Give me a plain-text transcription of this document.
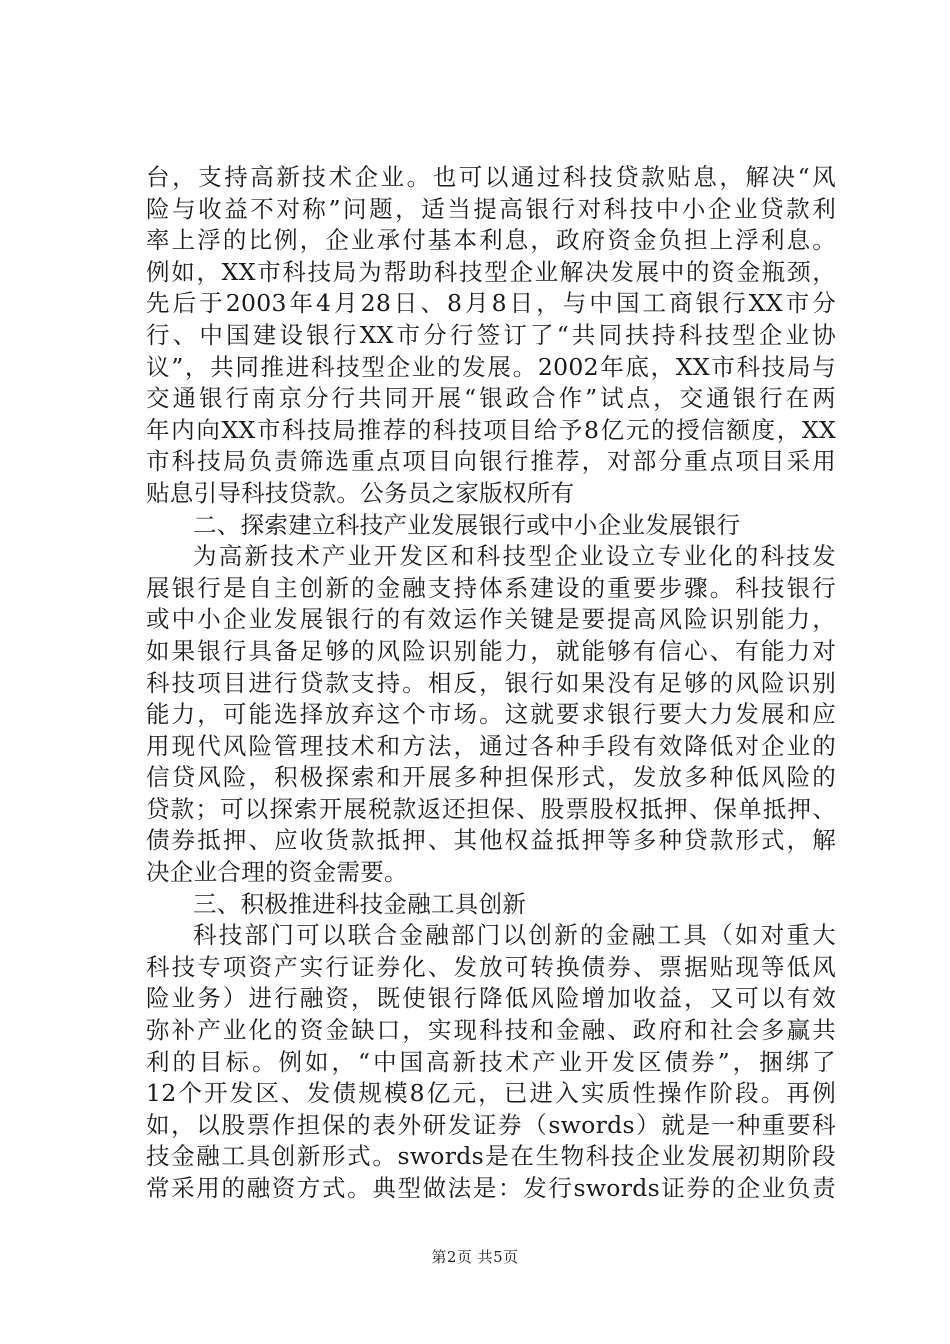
台，支持高新技术企业。也可以通过科技贷款贴息，解决“风
险与收益不对称”问题，适当提高银行对科技中小企业贷款利
率上浮的比例，企业承付基本利息，政府资金负担上浮利息。
例如，XX市科技局为帮助科技型企业解决发展中的资金瓶颈，
先后于2003年4月28日、8月8日，与中国工商银行XX市分
行、中国建设银行XX市分行签订了“共同扶持科技型企业协
议”，共同推进科技型企业的发展。2002年底，XX市科技局与
交通银行南京分行共同开展“银政合作”试点，交通银行在两
年内向XX市科技局推荐的科技项目给予8亿元的授信额度，XX
市科技局负责筛选重点项目向银行推荐，对部分重点项目采用
贴息引导科技贷款。公务员之家版权所有
二、探索建立科技产业发展银行或中小企业发展银行
为高新技术产业开发区和科技型企业设立专业化的科技发
展银行是自主创新的金融支持体系建设的重要步骤。科技银行
或中小企业发展银行的有效运作关键是要提高风险识别能力，
如果银行具备足够的风险识别能力，就能够有信心、有能力对
科技项目进行贷款支持。相反，银行如果没有足够的风险识别
能力，可能选择放弃这个市场。这就要求银行要大力发展和应
用现代风险管理技术和方法，通过各种手段有效降低对企业的
信贷风险，积极探索和开展多种担保形式，发放多种低风险的
贷款；可以探索开展税款返还担保、股票股权抵押、保单抵押、
债券抵押、应收货款抵押、其他权益抵押等多种贷款形式，解
决企业合理的资金需要。
三、积极推进科技金融工具创新
科技部门可以联合金融部门以创新的金融工具（如对重大
科技专项资产实行证券化、发放可转换债券、票据贴现等低风
险业务）进行融资，既使银行降低风险增加收益，又可以有效
弥补产业化的资金缺口，实现科技和金融、政府和社会多赢共
利的目标。例如，“中国高新技术产业开发区债券”，捆绑了
12个开发区、发债规模8亿元，已进入实质性操作阶段。再例
如，以股票作担保的表外研发证券（swords）就是一种重要科
技金融工具创新形式。swords是在生物科技企业发展初期阶段
常采用的融资方式。典型做法是：发行swords证券的企业负责
第2页 共5页
